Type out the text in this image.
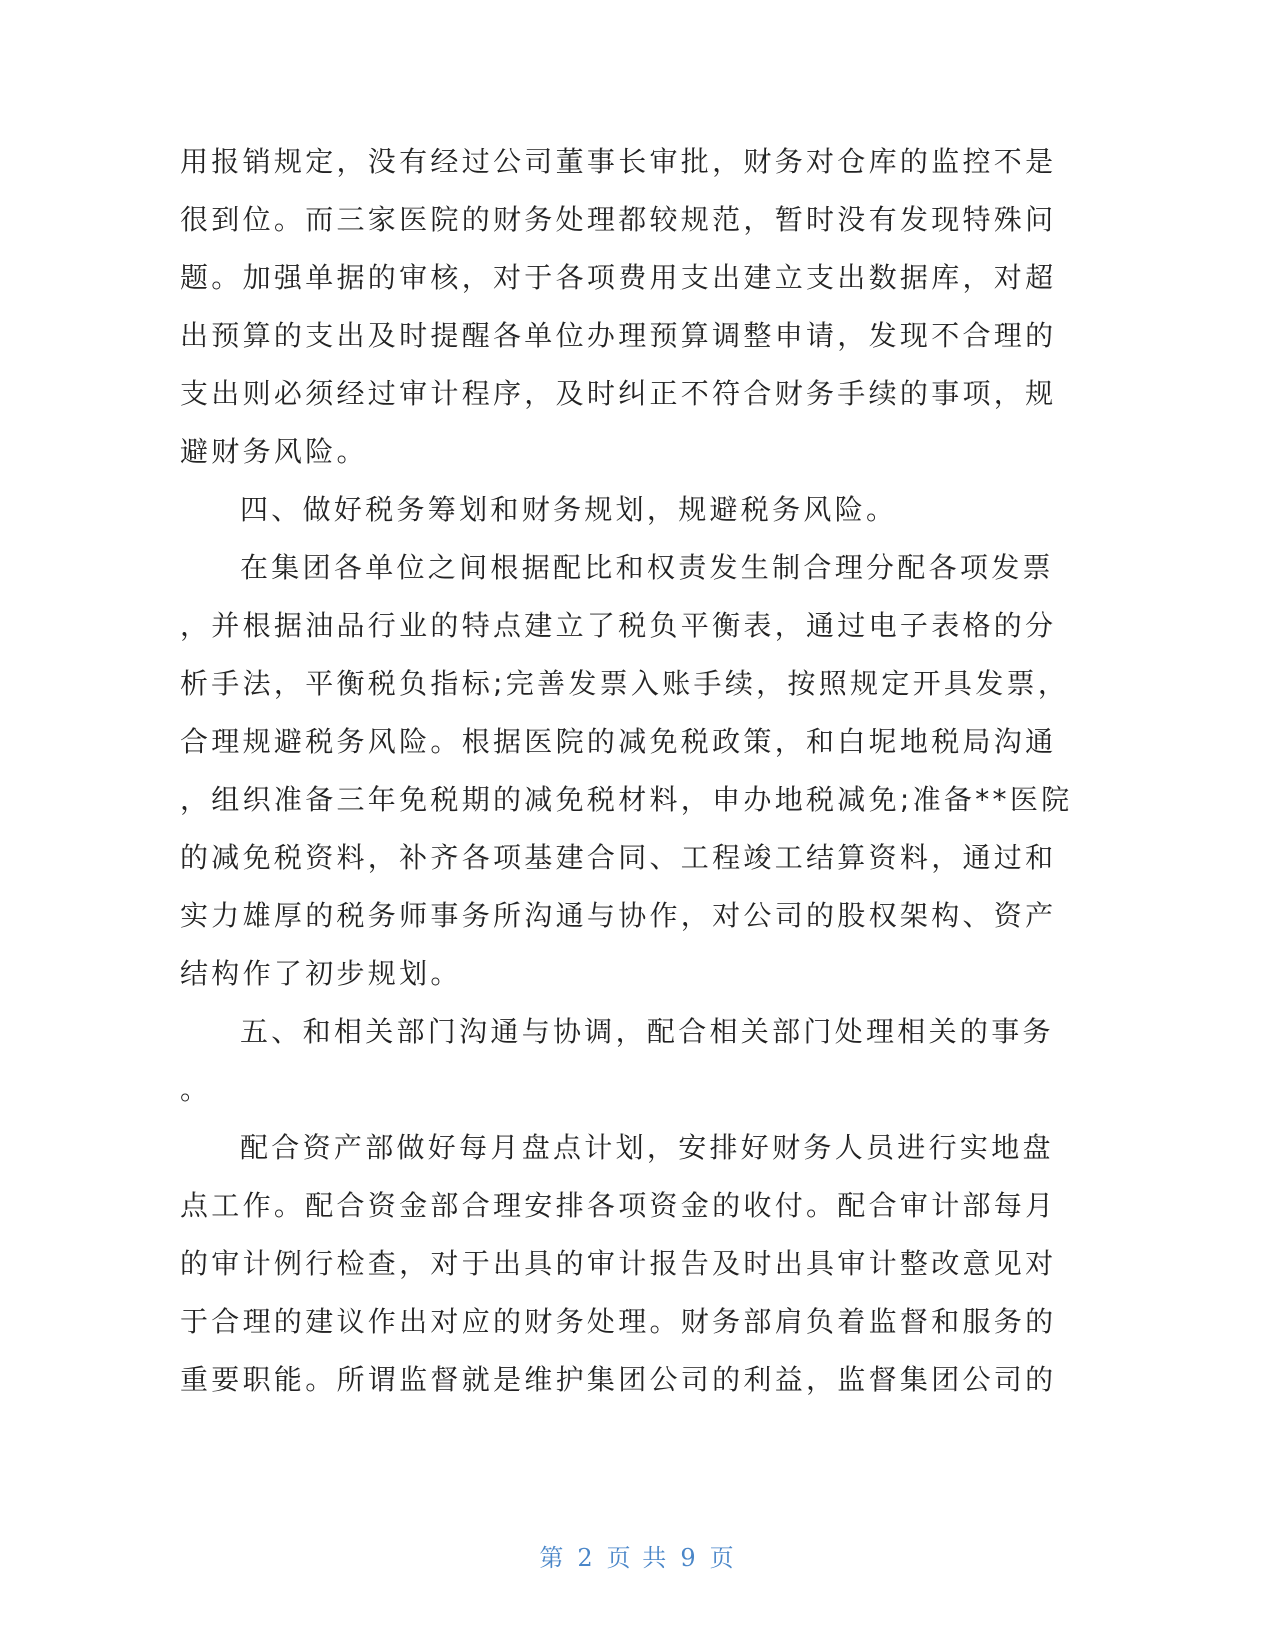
用报销规定，没有经过公司董事长审批，财务对仓库的监控不是
很到位。而三家医院的财务处理都较规范，暂时没有发现特殊问
题。加强单据的审核，对于各项费用支出建立支出数据库，对超
出预算的支出及时提醒各单位办理预算调整申请，发现不合理的
支出则必须经过审计程序，及时纠正不符合财务手续的事项，规
避财务风险。
四、做好税务筹划和财务规划，规避税务风险。
在集团各单位之间根据配比和权责发生制合理分配各项发票
，并根据油品行业的特点建立了税负平衡表，通过电子表格的分
析手法，平衡税负指标;完善发票入账手续，按照规定开具发票，
合理规避税务风险。根据医院的减免税政策，和白坭地税局沟通
，组织准备三年免税期的减免税材料，申办地税减免;准备**医院
的减免税资料，补齐各项基建合同、工程竣工结算资料，通过和
实力雄厚的税务师事务所沟通与协作，对公司的股权架构、资产
结构作了初步规划。
五、和相关部门沟通与协调，配合相关部门处理相关的事务
。
配合资产部做好每月盘点计划，安排好财务人员进行实地盘
点工作。配合资金部合理安排各项资金的收付。配合审计部每月
的审计例行检查，对于出具的审计报告及时出具审计整改意见对
于合理的建议作出对应的财务处理。财务部肩负着监督和服务的
重要职能。所谓监督就是维护集团公司的利益，监督集团公司的
第 2 页 共 9 页
